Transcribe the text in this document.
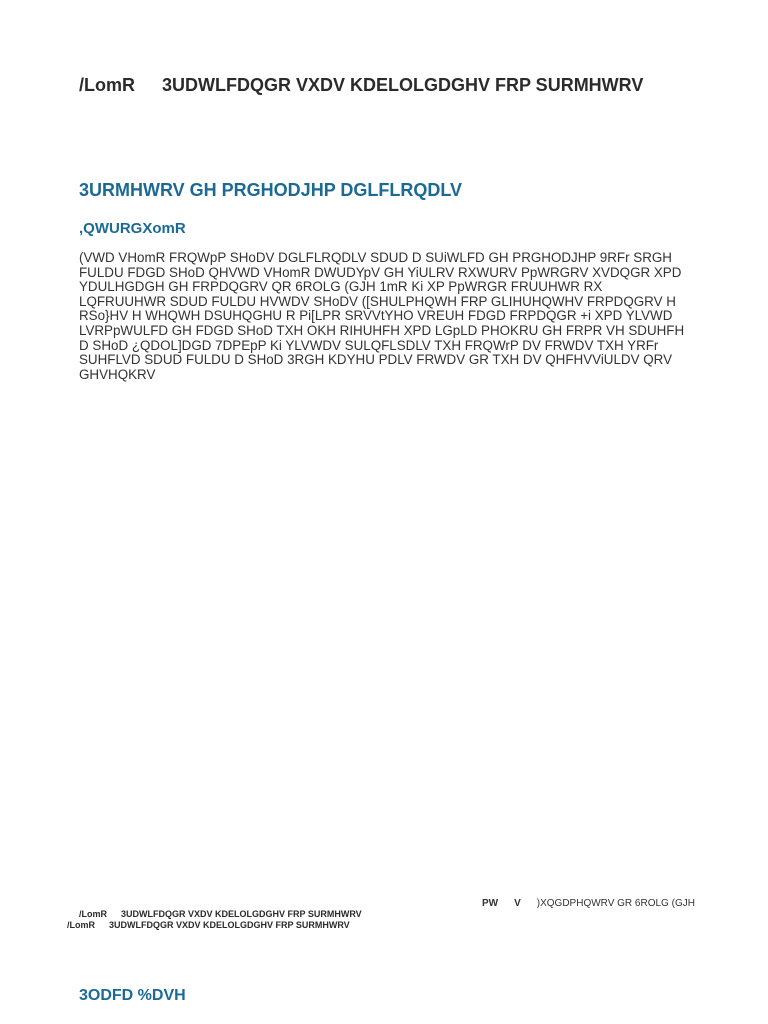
/LomR 3UDWLFDQGR VXDV KDELOLGDGHV FRP SURMHWRV
3URMHWRV GH PRGHODJHP DGLFLRQDLV
,QWURGXomR
(VWD VHomR FRQWpP SHoDV DGLFLRQDLV SDUD D SUiWLFD GH PRGHODJHP 9RFr SRGH
FULDU FDGD SHoD QHVWD VHomR DWUDYpV GH YiULRV RXWURV PpWRGRV XVDQGR XPD
YDULHGDGH GH FRPDQGRV QR 6ROLG (GJH 1mR Ki XP PpWRGR FRUUHWR RX
LQFRUUHWR SDUD FULDU HVWDV SHoDV ([SHULPHQWH FRP GLIHUHQWHV FRPDQGRV H
RSo}HV H WHQWH DSUHQGHU R Pi[LPR SRVVtYHO VREUH FDGD FRPDQGR +i XPD YLVWD
LVRPpWULFD GH FDGD SHoD TXH OKH RIHUHFH XPD LGpLD PHOKRU GH FRPR VH SDUHFH
D SHoD ¿QDOL]DGD 7DPEpP Ki YLVWDV SULQFLSDLV TXH FRQWrP DV FRWDV TXH YRFr
SUHFLVD SDUD FULDU D SHoD 3RGH KDYHU PDLV FRWDV GR TXH DV QHFHVViULDV QRV
GHVHQKRV
PW V )XQGDPHQWRV GR 6ROLG (GJH
/LomR 3UDWLFDQGR VXDV KDELOLGDGHV FRP SURMHWRV
/LomR 3UDWLFDQGR VXDV KDELOLGDGHV FRP SURMHWRV
3ODFD %DVH
